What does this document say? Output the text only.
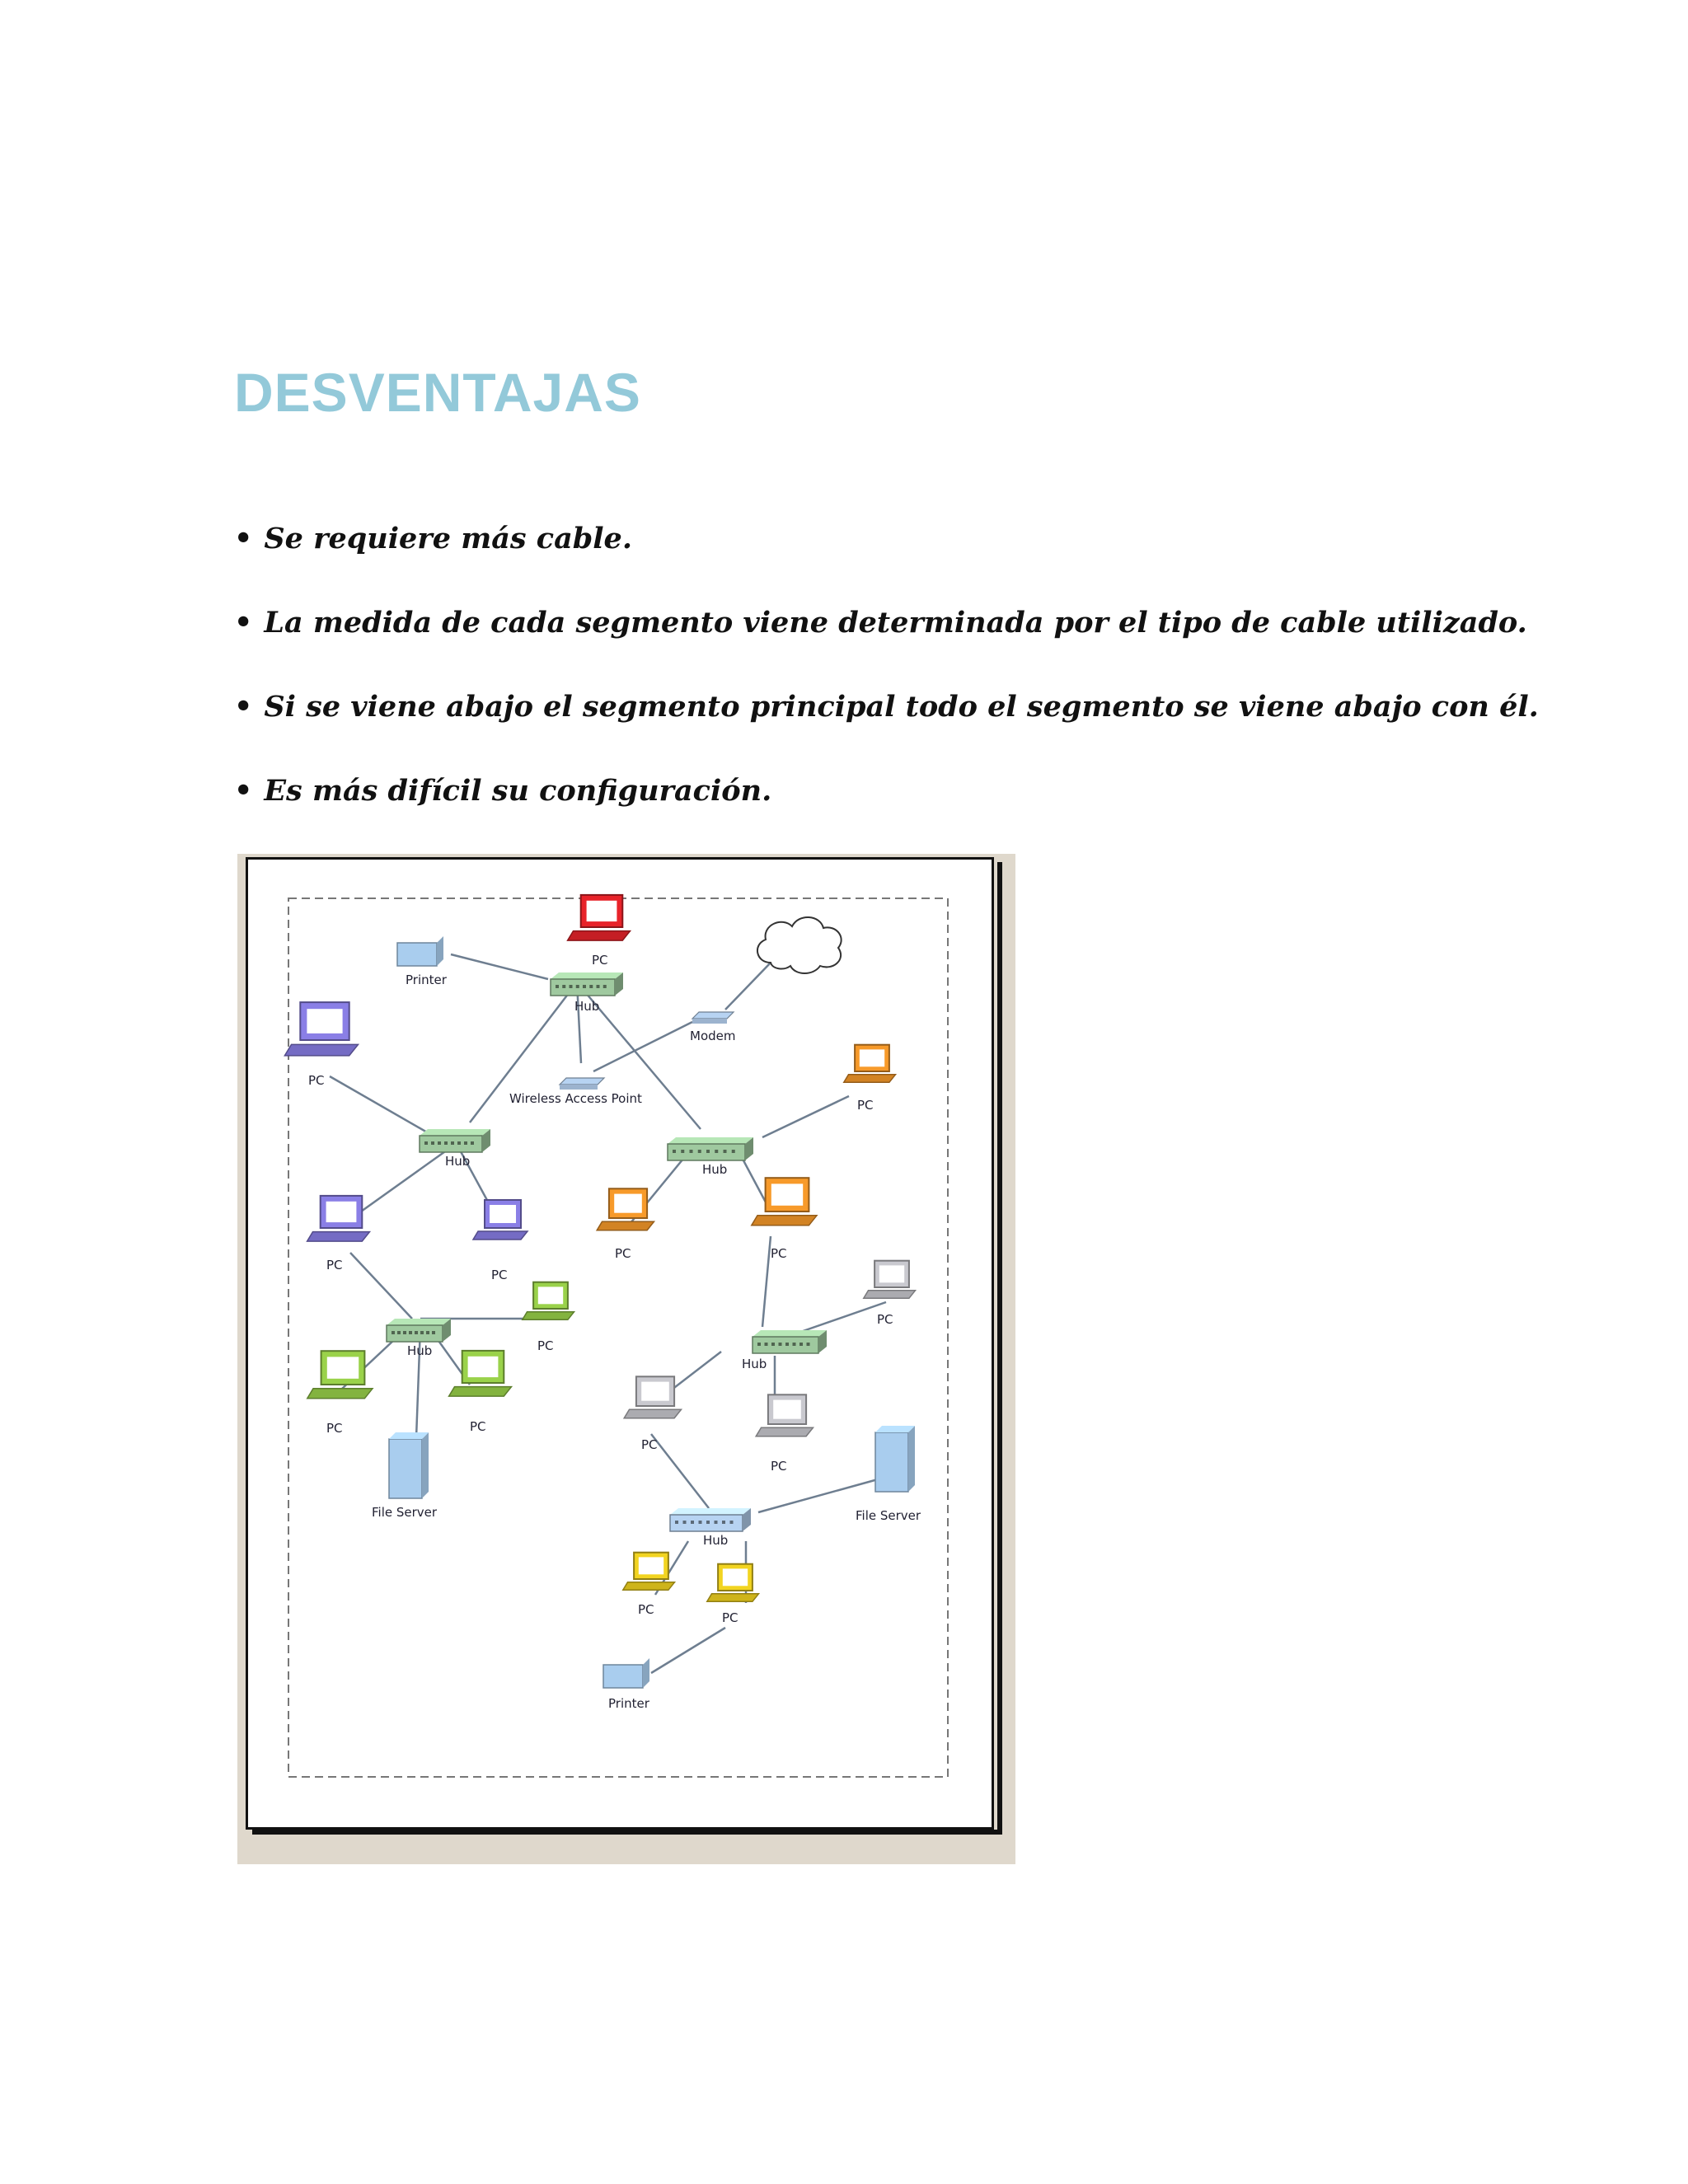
DESVENTAJAS
• Se requiere más cable.
• La medida de cada segmento viene determinada por el tipo de cable utilizado.
• Si se viene abajo el segmento principal todo el segmento se viene abajo con él.
• Es más difícil su configuración.
Printer
PC
Hub
Modem
Wireless Access Point
PC
Hub
PC
Hub
PC
PC
PC	PC
PC
Hub	PC
Hub
PC	PC
File Server
PC
PC
File Server
Hub
PC
PC
Printer
